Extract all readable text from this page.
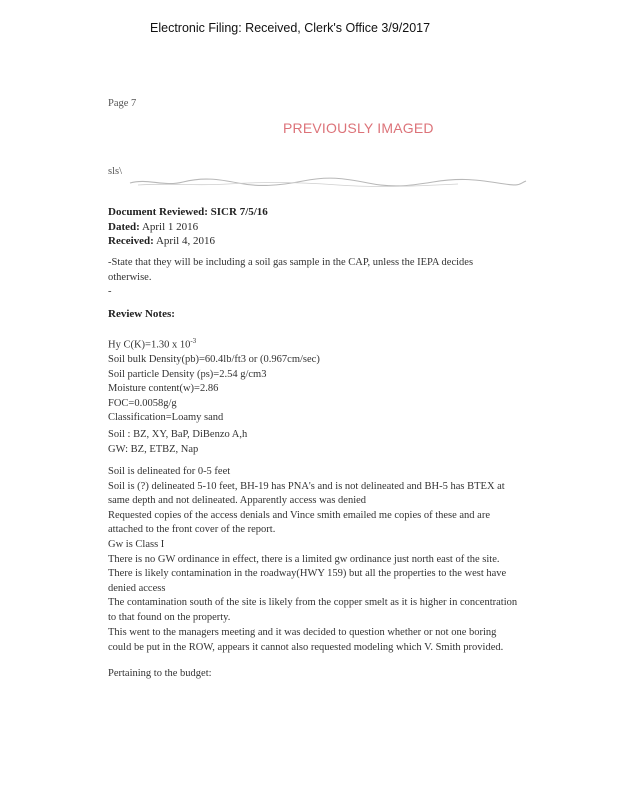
Electronic Filing: Received, Clerk's Office 3/9/2017
Page 7
PREVIOUSLY IMAGED
sls\
Document Reviewed: SICR 7/5/16
Dated: April 1 2016
Received: April 4, 2016
-State that they will be including a soil gas sample in the CAP, unless the IEPA decides
otherwise.
-
Review Notes:
Hy C(K)=1.30 x $10^{-3}$
Soil bulk Density(pb)=60.4lb/ft3 or (0.967cm/sec)
Soil particle Density (ps)=2.54 g/cm3
Moisture content(w)=2.86
FOC=0.0058g/g
Classification=Loamy sand
Soil : BZ, XY, BaP, DiBenzo A,h
GW: BZ, ETBZ, Nap
Soil is delineated for 0-5 feet
Soil is (?) delineated 5-10 feet, BH-19 has PNA's and is not delineated and BH-5 has BTEX at
same depth and not delineated. Apparently access was denied
Requested copies of the access denials and Vince smith emailed me copies of these and are
attached to the front cover of the report.
Gw is Class I
There is no GW ordinance in effect, there is a limited gw ordinance just north east of the site.
There is likely contamination in the roadway(HWY 159) but all the properties to the west have
denied access
The contamination south of the site is likely from the copper smelt as it is higher in concentration
to that found on the property.
This went to the managers meeting and it was decided to question whether or not one boring
could be put in the ROW, appears it cannot also requested modeling which V. Smith provided.
Pertaining to the budget:
